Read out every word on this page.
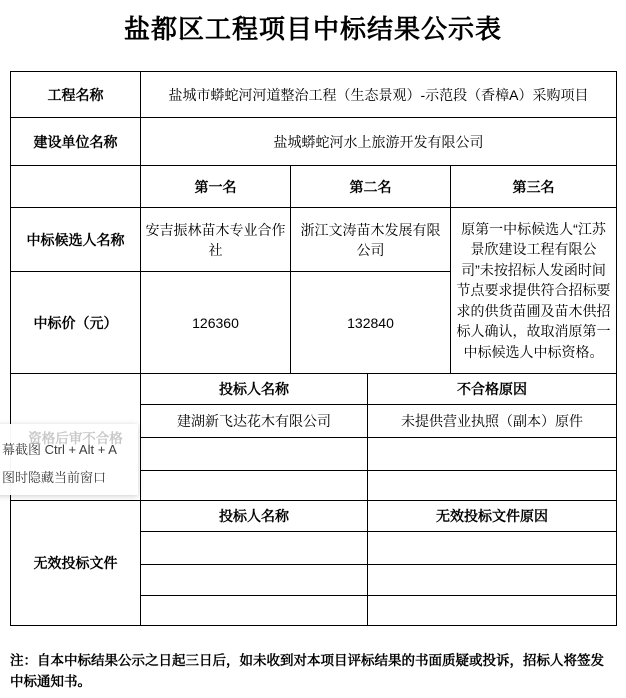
盐都区工程项目中标结果公示表
工程名称	盐城市蟒蛇河河道整治工程（生态景观）-示范段（香樟A）采购项目			
建设单位名称	盐城蟒蛇河水上旅游开发有限公司			
	第一名	第二名		第三名
中标候选人名称	安吉振林苗木专业合作社	浙江文涛苗木发展有限公司		原第一中标候选人“江苏景欣建设工程有限公司”未按招标人发函时间节点要求提供符合招标要求的供货苗圃及苗木供招标人确认，故取消原第一中标候选人中标资格。
中标价（元）	126360	132840		
资格后审不合格	投标人名称		不合格原因	
	建湖新飞达花木有限公司		未提供营业执照（副本）原件	

无效投标文件	投标人名称		无效投标文件原因	

幕截图 Ctrl + Alt + A
图时隐藏当前窗口
注：自本中标结果公示之日起三日后，如未收到对本项目评标结果的书面质疑或投诉，招标人将签发中标通知书。
